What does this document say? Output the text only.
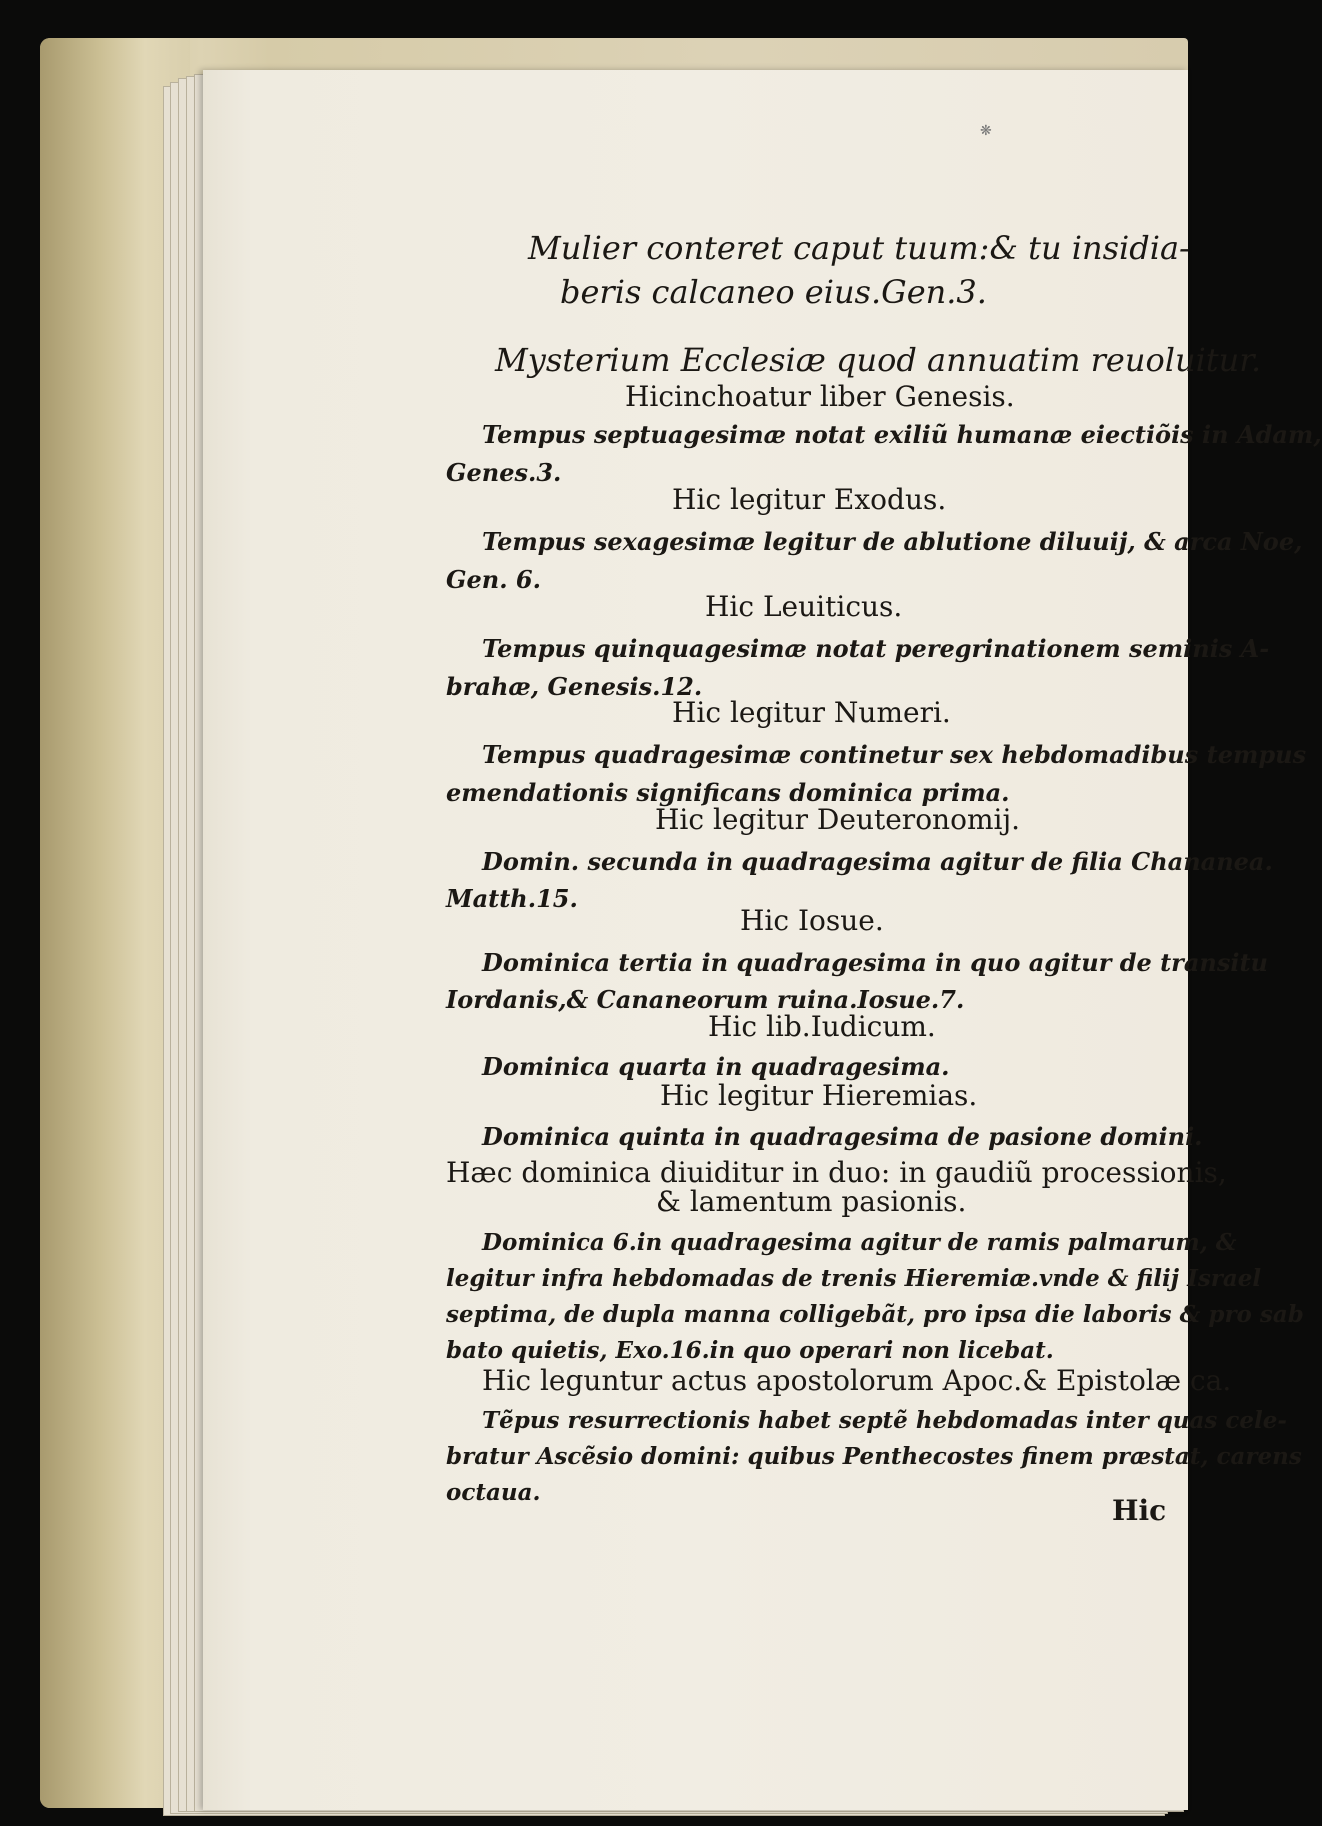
❋
Mulier conteret caput tuum:& tu insidia-
beris calcaneo eius.Gen.3.
Mysterium Ecclesiæ quod annuatim reuoluitur.
Hicinchoatur liber Genesis.
Tempus septuagesimæ notat exiliũ humanæ eiectiõis in Adam,
Genes.3.
Hic legitur Exodus.
Tempus sexagesimæ legitur de ablutione diluuij, & arca Noe,
Gen. 6.
Hic Leuiticus.
Tempus quinquagesimæ notat peregrinationem seminis A-
brahæ, Genesis.12.
Hic legitur Numeri.
Tempus quadragesimæ continetur sex hebdomadibus tempus
emendationis significans dominica prima.
Hic legitur Deuteronomij.
Domin. secunda in quadragesima agitur de filia Chananea.
Matth.15.
Hic Iosue.
Dominica tertia in quadragesima in quo agitur de transitu
Iordanis,& Cananeorum ruina.Iosue.7.
Hic lib.Iudicum.
Dominica quarta in quadragesima.
Hic legitur Hieremias.
Dominica quinta in quadragesima de pasione domini.
Hæc dominica diuiditur in duo: in gaudiũ processionis,
& lamentum pasionis.
Dominica 6.in quadragesima agitur de ramis palmarum, &
legitur infra hebdomadas de trenis Hieremiæ.vnde & filij Israel
septima, de dupla manna colligebãt, pro ipsa die laboris & pro sab
bato quietis, Exo.16.in quo operari non licebat.
Hic leguntur actus apostolorum Apoc.& Epistolæ ca.
Tẽpus resurrectionis habet septẽ hebdomadas inter quas cele-
bratur Ascẽsio domini: quibus Penthecostes finem præstat, carens
octaua.
Hic
